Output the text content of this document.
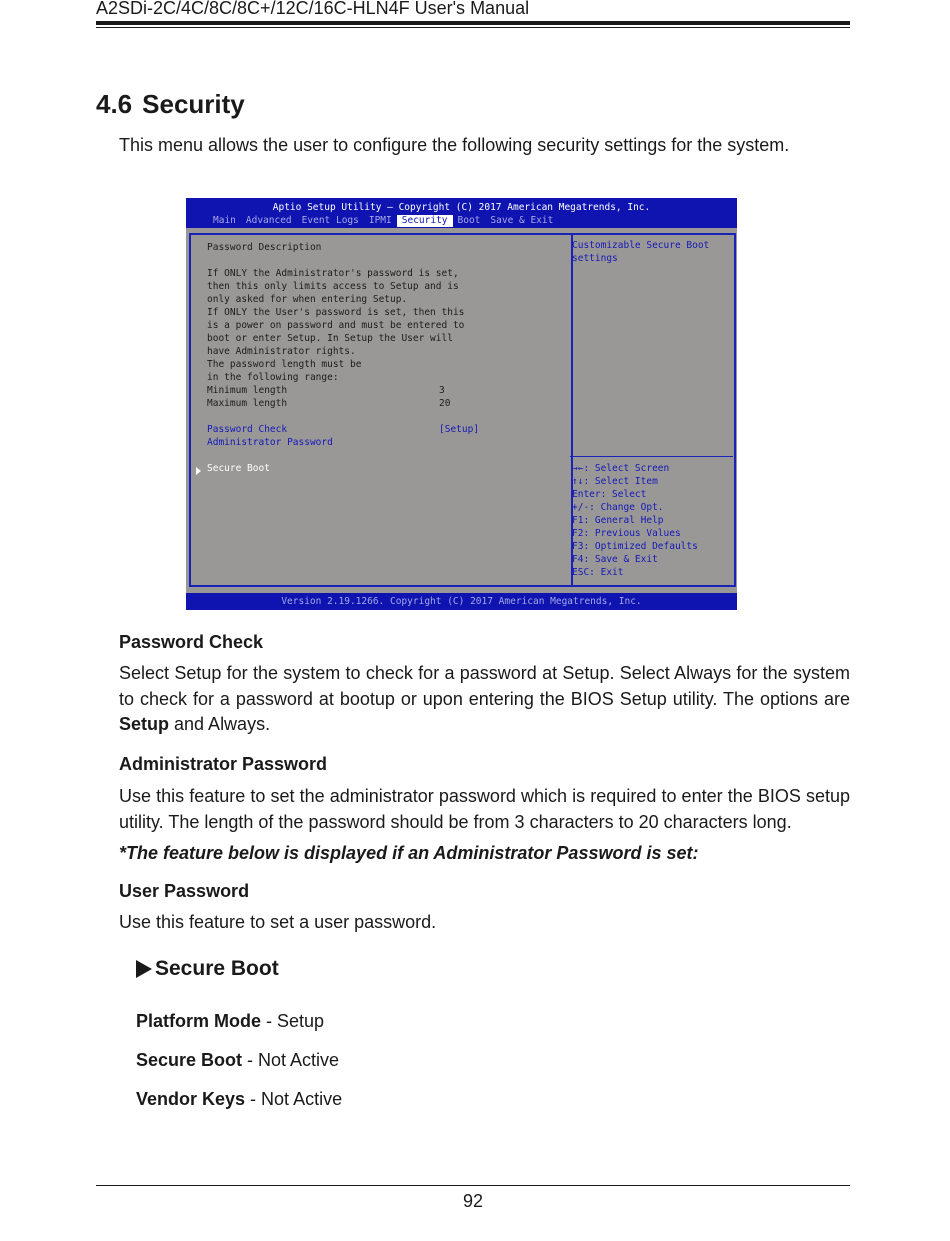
A2SDi-2C/4C/8C/8C+/12C/16C-HLN4F User's Manual
4.6 Security
This menu allows the user to configure the following security settings for the system.
Aptio Setup Utility – Copyright (C) 2017 American Megatrends, Inc.
Main	Advanced	Event Logs	IPMI	Security	Boot	Save & Exit
Password Description
If ONLY the Administrator's password is set,
then this only limits access to Setup and is
only asked for when entering Setup.
If ONLY the User's password is set, then this
is a power on password and must be entered to
boot or enter Setup. In Setup the User will
have Administrator rights.
The password length must be
in the following range:
Minimum length	3
Maximum length	20
Password Check	[Setup]
Administrator Password
Secure Boot
Customizable Secure Boot
settings
→←: Select Screen
↑↓: Select Item
Enter: Select
+/-: Change Opt.
F1: General Help
F2: Previous Values
F3: Optimized Defaults
F4: Save & Exit
ESC: Exit
Version 2.19.1266. Copyright (C) 2017 American Megatrends, Inc.
Password Check
Select Setup for the system to check for a password at Setup. Select Always for the system to check for a password at bootup or upon entering the BIOS Setup utility. The options are Setup and Always.
Administrator Password
Use this feature to set the administrator password which is required to enter the BIOS setup utility. The length of the password should be from 3 characters to 20 characters long.
*The feature below is displayed if an Administrator Password is set:
User Password
Use this feature to set a user password.
Secure Boot
Platform Mode - Setup
Secure Boot - Not Active
Vendor Keys - Not Active
92
